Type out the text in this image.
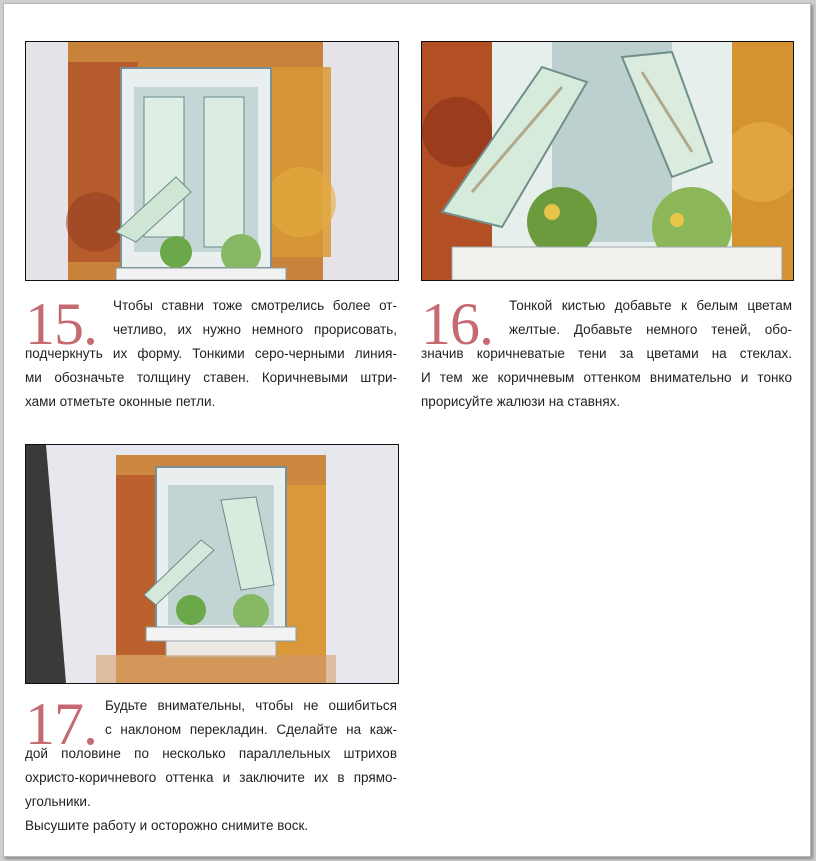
15. Чтобы ставни тоже смотрелись более от-
четливо, их нужно немного прорисовать,
подчеркнуть их форму. Тонкими серо-черными линия-
ми обозначьте толщину ставен. Коричневыми штри-
хами отметьте оконные петли.
16. Тонкой кистью добавьте к белым цветам
желтые. Добавьте немного теней, обо-
значив коричневатые тени за цветами на стеклах.
И тем же коричневым оттенком внимательно и тонко
прорисуйте жалюзи на ставнях.
17. Будьте внимательны, чтобы не ошибиться
с наклоном перекладин. Сделайте на каж-
дой половине по несколько параллельных штрихов
охристо-коричневого оттенка и заключите их в прямо-
угольники.
Высушите работу и осторожно снимите воск.
